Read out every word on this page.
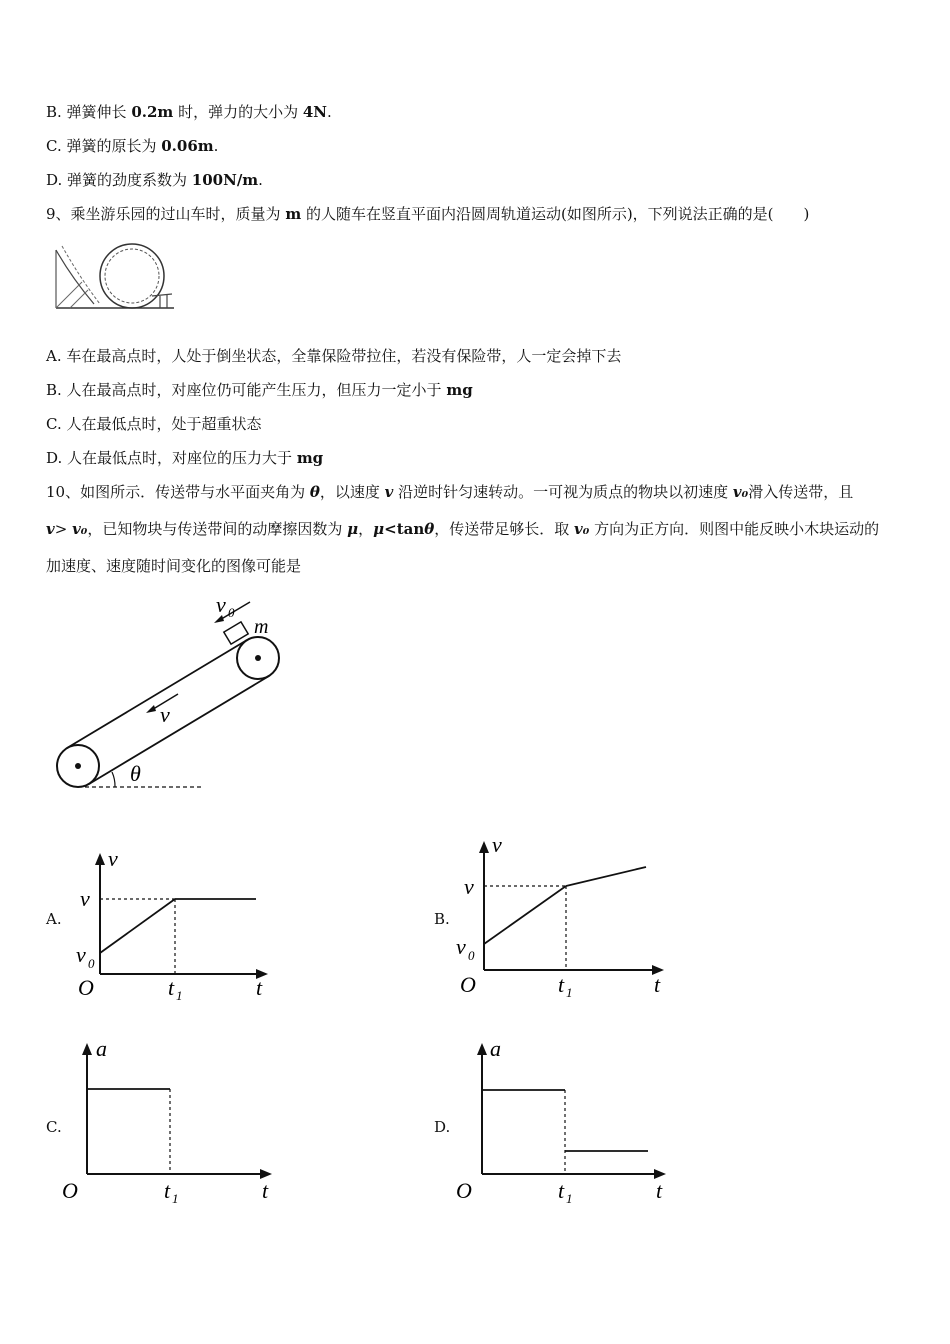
B. 弹簧伸长 0.2m 时，弹力的大小为 4N.
C. 弹簧的原长为 0.06m.
D. 弹簧的劲度系数为 100N/m.
9、乘坐游乐园的过山车时，质量为 m 的人随车在竖直平面内沿圆周轨道运动(如图所示)，下列说法正确的是(　　)
A. 车在最高点时，人处于倒坐状态，全靠保险带拉住，若没有保险带，人一定会掉下去
B. 人在最高点时，对座位仍可能产生压力，但压力一定小于 mg
C. 人在最低点时，处于超重状态
D. 人在最低点时，对座位的压力大于 mg
10、如图所示．传送带与水平面夹角为 θ，以速度 v 沿逆时针匀速转动。一可视为质点的物块以初速度 v₀滑入传送带，且
v> v₀，已知物块与传送带间的动摩擦因数为 μ，μ<tanθ，传送带足够长．取 v₀ 方向为正方向．则图中能反映小木块运动的
加速度、速度随时间变化的图像可能是
v 0
m
v
θ
A.
v
v
v 0
O	t 1	t
B.
v
v
v 0
O	t 1	t
C.
a
O	t 1	t
D.
a
O	t 1	t
